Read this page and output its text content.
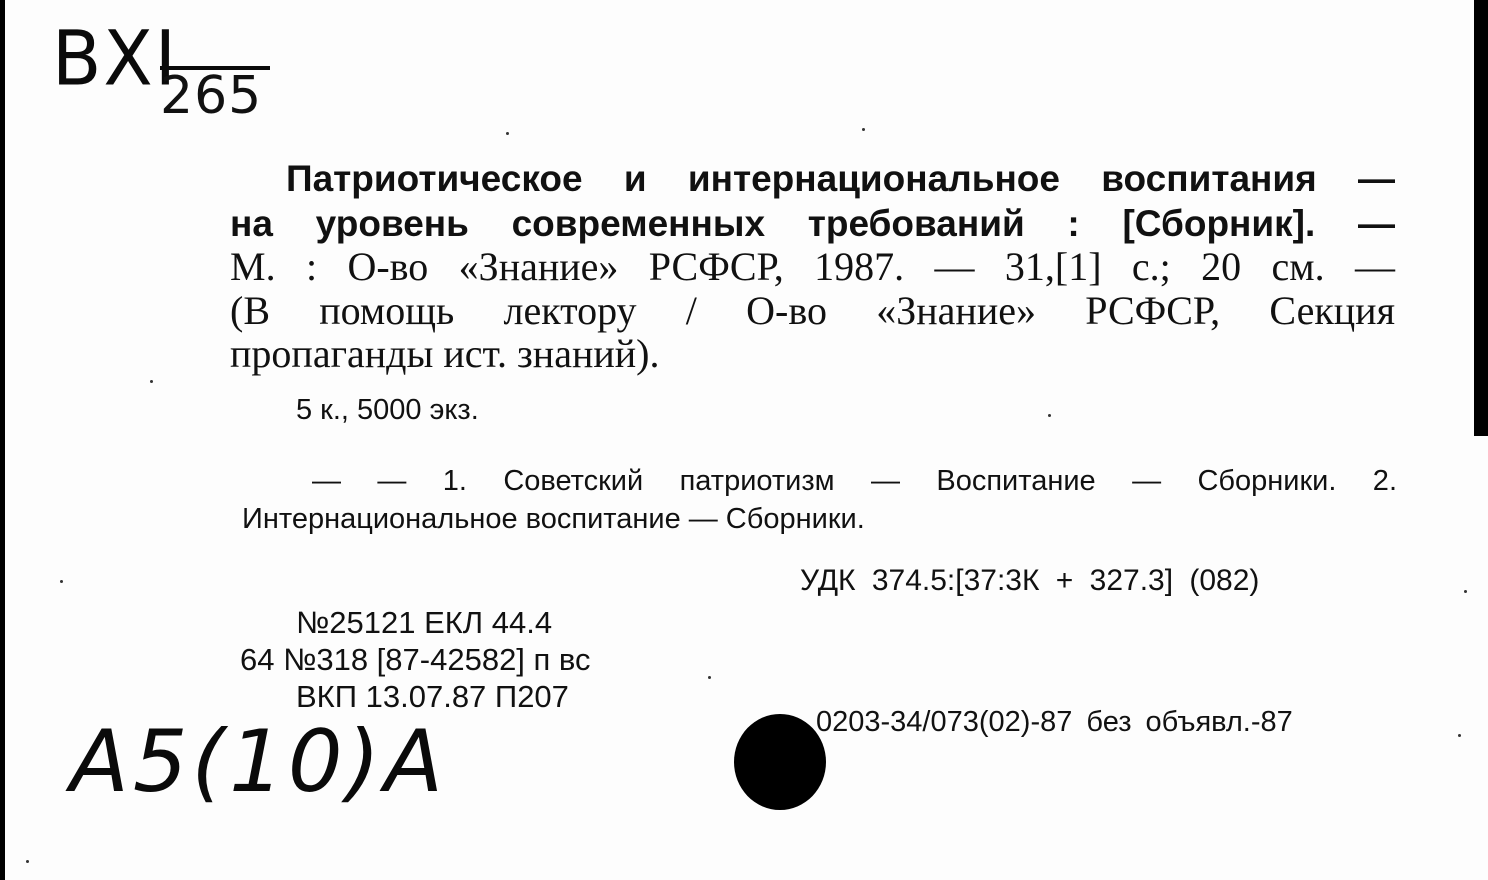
BXI
265
Патриотическое и интернациональное воспитания —
на уровень современных требований : [Сборник]. —
М. : О-во «Знание» РСФСР, 1987. — 31,[1] с.; 20 см. —
(В помощь лектору / О-во «Знание» РСФСР, Секция
пропаганды ист. знаний).
5 к., 5000 экз.
— — 1. Советский патриотизм — Воспитание — Сборники. 2.
Интернациональное воспитание — Сборники.
УДК 374.5:[37:3К + 327.3] (082)
№25121 ЕКЛ 44.4
64 №318 [87-42582] п вс
ВКП 13.07.87 П207
0203-34/073(02)-87 без объявл.-87
A5(10)A
